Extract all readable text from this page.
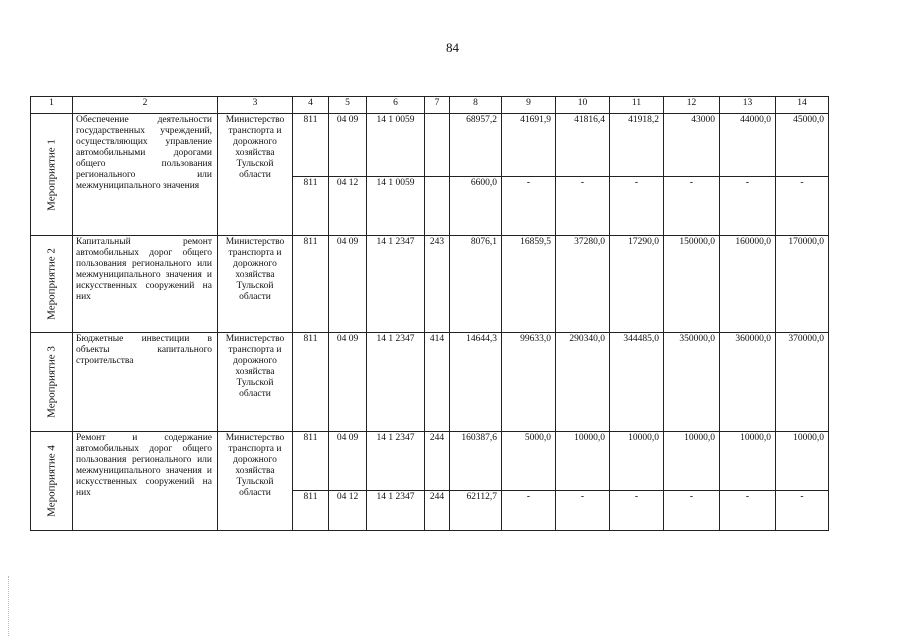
84
1	2	3	4	5	6	7	8	9	10	11	12	13	14

Мероприятие 1	Обеспечение деятельности государственных учреждений, осуществляющих управление автомобильными дорогами общего пользования регионального или межмуниципального значения	Министерство транспорта и дорожного хозяйства Тульской области	811	04 09	14 1 0059		68957,2	41691,9	41816,4	41918,2	43000	44000,0	45000,0
			811	04 12	14 1 0059		6600,0	-	-	-	-	-	-

Мероприятие 2	Капитальный ремонт автомобильных дорог общего пользования регионального или межмуниципального значения и искусственных сооружений на них	Министерство транспорта и дорожного хозяйства Тульской области	811	04 09	14 1 2347	243	8076,1	16859,5	37280,0	17290,0	150000,0	160000,0	170000,0

Мероприятие 3	Бюджетные инвестиции в объекты капитального строительства	Министерство транспорта и дорожного хозяйства Тульской области	811	04 09	14 1 2347	414	14644,3	99633,0	290340,0	344485,0	350000,0	360000,0	370000,0

Мероприятие 4	Ремонт и содержание автомобильных дорог общего пользования регионального или межмуниципального значения и искусственных сооружений на них	Министерство транспорта и дорожного хозяйства Тульской области	811	04 09	14 1 2347	244	160387,6	5000,0	10000,0	10000,0	10000,0	10000,0	10000,0
			811	04 12	14 1 2347	244	62112,7	-	-	-	-	-	-
